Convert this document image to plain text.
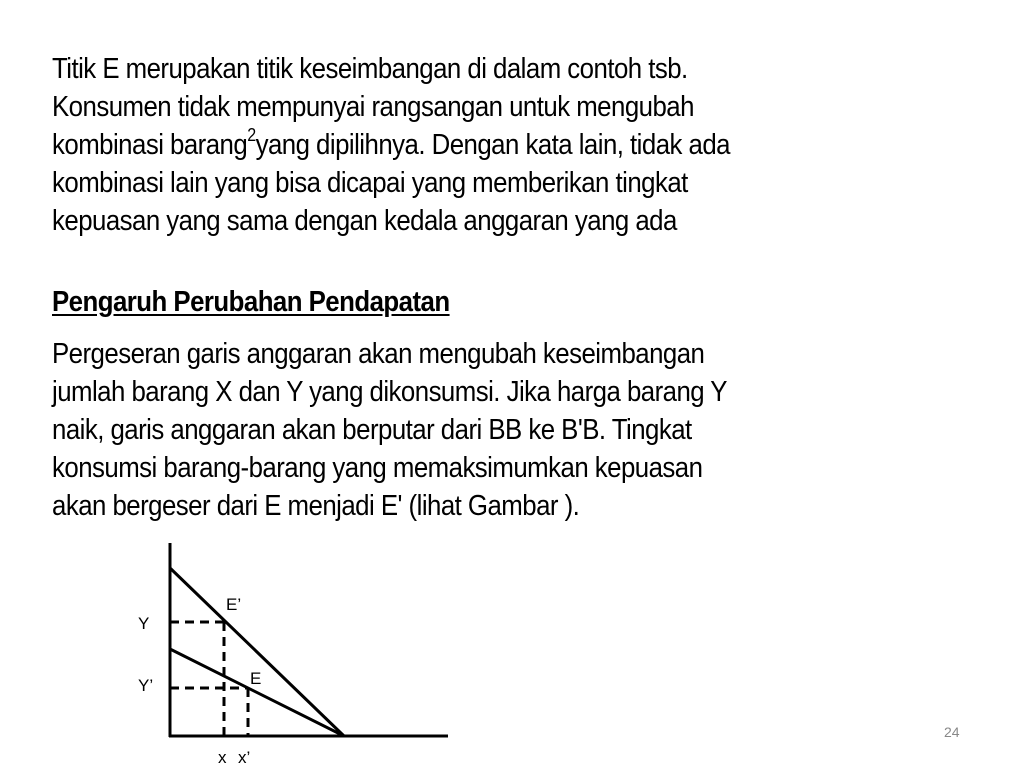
Titik E merupakan titik keseimbangan di dalam contoh tsb.
Konsumen tidak mempunyai rangsangan untuk mengubah
kombinasi barang$^2$yang dipilihnya. Dengan kata lain, tidak ada
kombinasi lain yang bisa dicapai yang memberikan tingkat
kepuasan yang sama dengan kedala anggaran yang ada
Pengaruh Perubahan Pendapatan
Pergeseran garis anggaran akan mengubah keseimbangan
jumlah barang X dan Y yang dikonsumsi. Jika harga barang Y
naik, garis anggaran akan berputar dari BB ke B'B. Tingkat
konsumsi barang-barang yang memaksimumkan kepuasan
akan bergeser dari E menjadi E' (lihat Gambar ).
E’
E
Y
Y’
x x’
24
